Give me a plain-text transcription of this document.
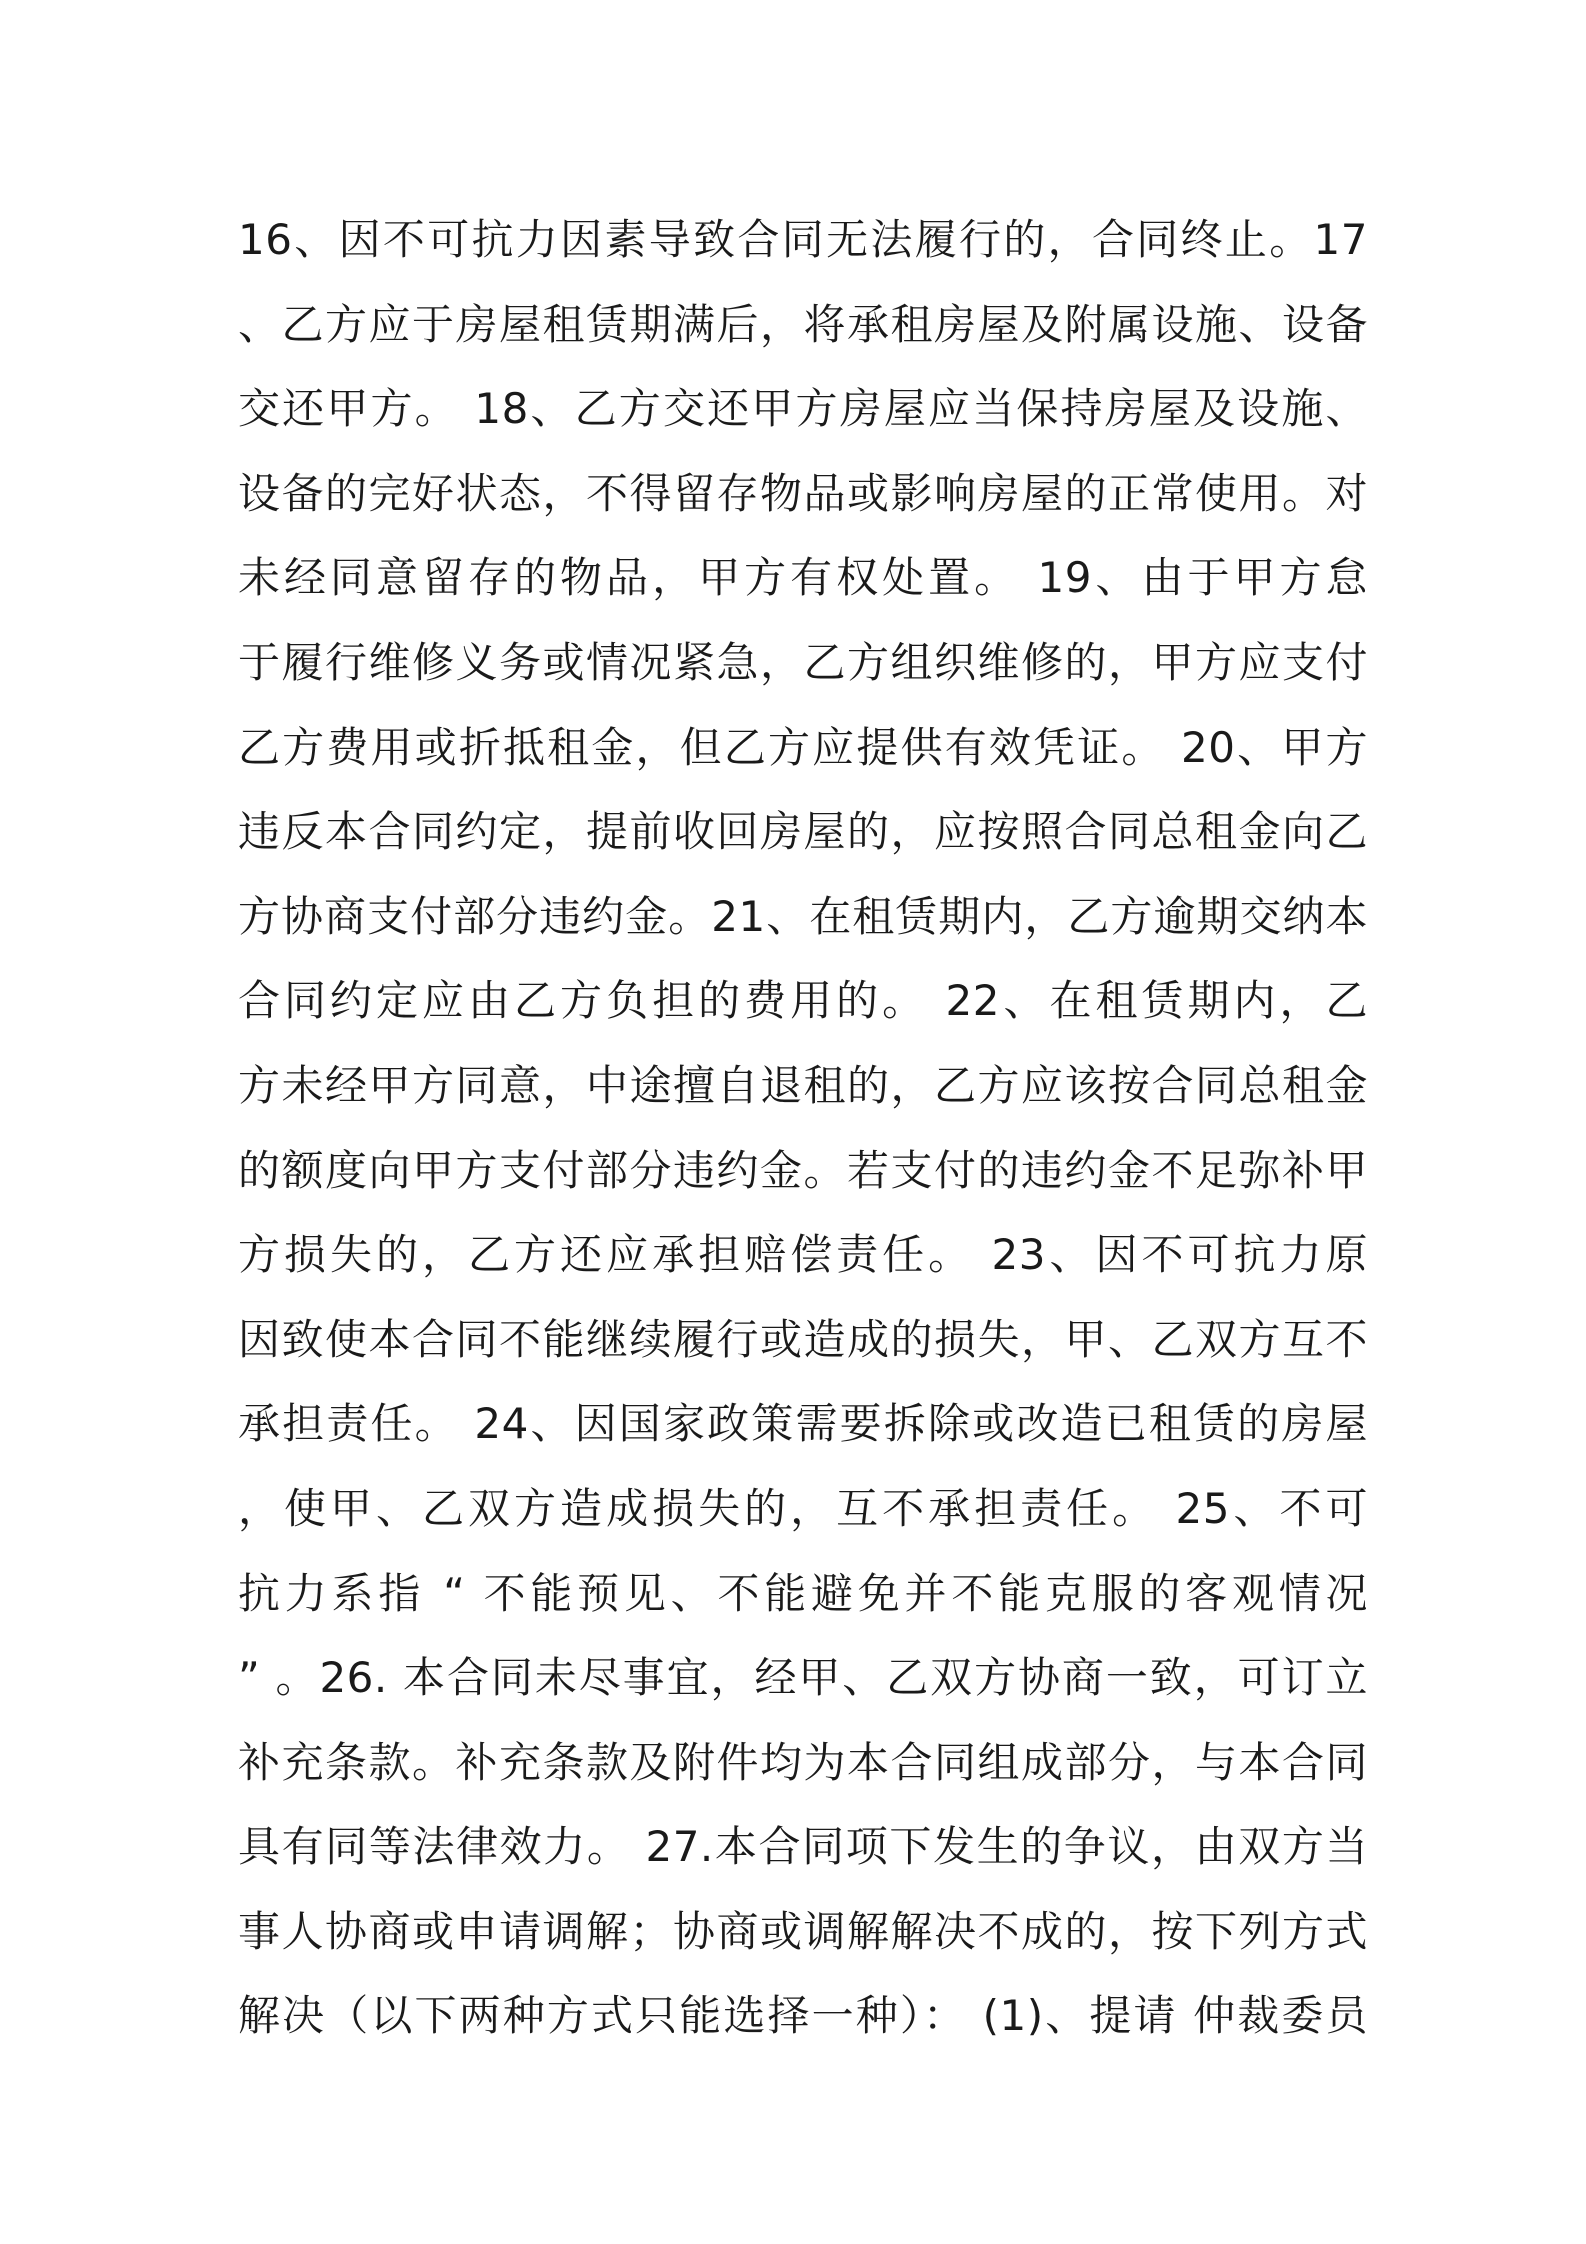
16、因不可抗力因素导致合同无法履行的，合同终止。17
、乙方应于房屋租赁期满后，将承租房屋及附属设施、设备
交还甲方。 18、乙方交还甲方房屋应当保持房屋及设施、
设备的完好状态，不得留存物品或影响房屋的正常使用。对
未经同意留存的物品，甲方有权处置。 19、由于甲方怠
于履行维修义务或情况紧急，乙方组织维修的，甲方应支付
乙方费用或折抵租金，但乙方应提供有效凭证。 20、甲方
违反本合同约定，提前收回房屋的，应按照合同总租金向乙
方协商支付部分违约金。21、在租赁期内，乙方逾期交纳本
合同约定应由乙方负担的费用的。 22、在租赁期内，乙
方未经甲方同意，中途擅自退租的，乙方应该按合同总租金
的额度向甲方支付部分违约金。若支付的违约金不足弥补甲
方损失的，乙方还应承担赔偿责任。 23、因不可抗力原
因致使本合同不能继续履行或造成的损失，甲、乙双方互不
承担责任。 24、因国家政策需要拆除或改造已租赁的房屋
，使甲、乙双方造成损失的，互不承担责任。 25、不可
抗力系指 “ 不能预见、不能避免并不能克服的客观情况
” 。26. 本合同未尽事宜，经甲、乙双方协商一致，可订立
补充条款。补充条款及附件均为本合同组成部分，与本合同
具有同等法律效力。 27.本合同项下发生的争议，由双方当
事人协商或申请调解；协商或调解解决不成的，按下列方式
解决（以下两种方式只能选择一种）： (1)、提请 仲裁委员
